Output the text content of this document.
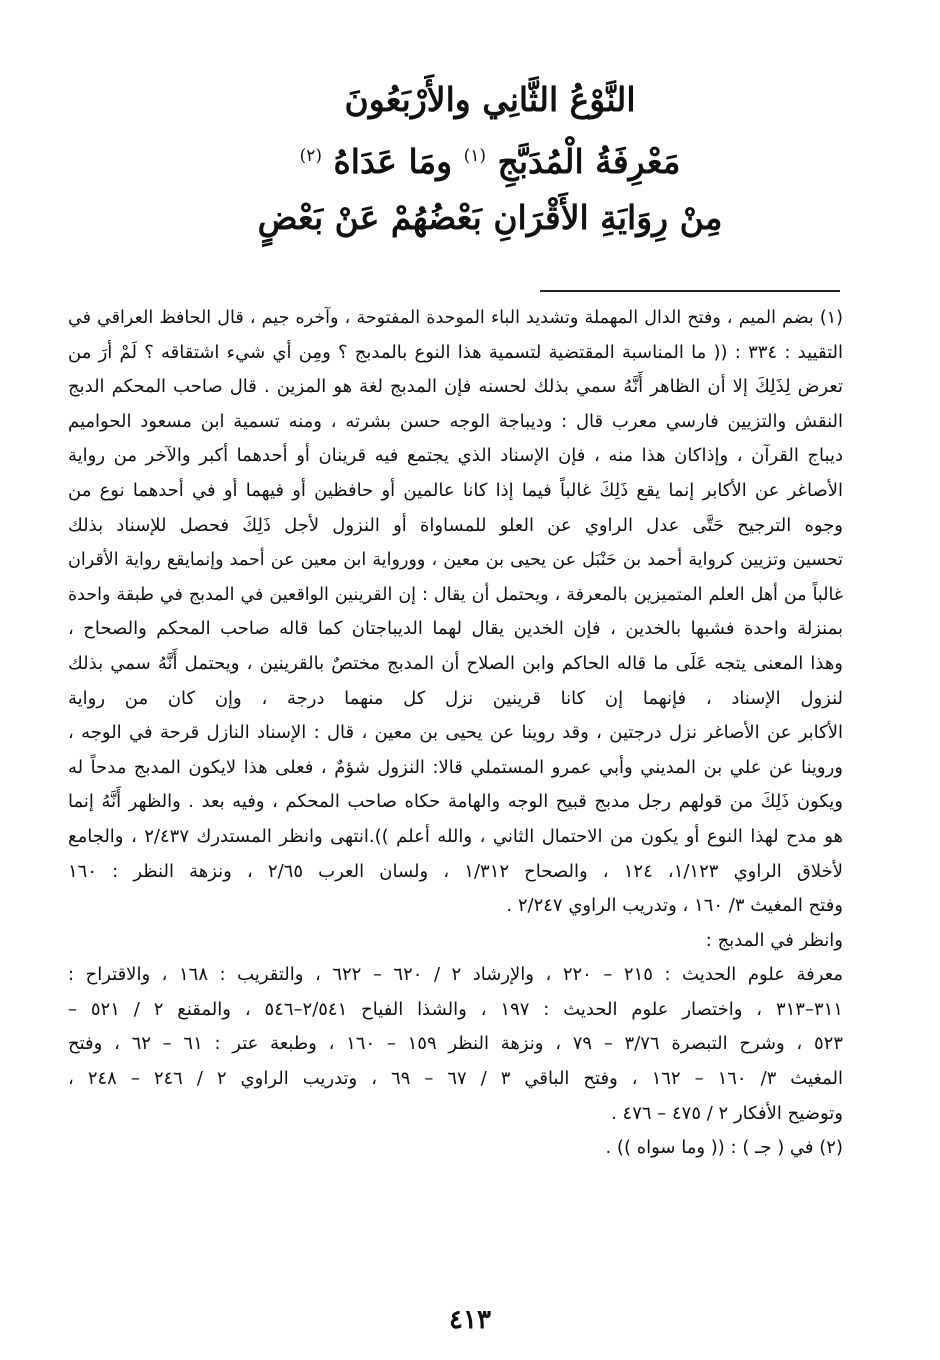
النَّوْعُ الثَّانِي والأَرْبَعُونَ
مَعْرِفَةُ الْمُدَبَّجِ $^{(١)}$ ومَا عَدَاهُ $^{(٢)}$
مِنْ رِوَايَةِ الأَقْرَانِ بَعْضُهُمْ عَنْ بَعْضٍ
(١) بضم الميم ، وفتح الدال المهملة وتشديد الباء الموحدة المفتوحة ، وآخره جيم ، قال الحافظ العراقي في
التقييد : ٣٣٤ : (( ما المناسبة المقتضية لتسمية هذا النوع بالمدبج ؟ ومِن أي شيء اشتقاقه ؟ لَمْ أرَ من
تعرض لِذَلِكَ إلا أن الظاهر أَنَّهُ سمي بذلك لحسنه فإن المدبج لغة هو المزين . قال صاحب المحكم الدبج
النقش والتزيين فارسي معرب قال : وديباجة الوجه حسن بشرته ، ومنه تسمية ابن مسعود الحواميم
ديباج القرآن ، وإذاكان هذا منه ، فإن الإسناد الذي يجتمع فيه قرينان أو أحدهما أكبر والآخر من رواية
الأصاغر عن الأكابر إنما يقع ذَلِكَ غالباً فيما إذا كانا عالمين أو حافظين أو فيهما أو في أحدهما نوع من
وجوه الترجيح حَتَّى عدل الراوي عن العلو للمساواة أو النزول لأجل ذَلِكَ فحصل للإسناد بذلك
تحسين وتزيين كرواية أحمد بن حَنْبَل عن يحيى بن معين ، وورواية ابن معين عن أحمد وإنمايقع رواية الأقران
غالباً من أهل العلم المتميزين بالمعرفة ، ويحتمل أن يقال : إن القرينين الواقعين في المدبج في طبقة واحدة
بمنزلة واحدة فشبها بالخدين ، فإن الخدين يقال لهما الديباجتان كما قاله صاحب المحكم والصحاح ،
وهذا المعنى يتجه عَلَى ما قاله الحاكم وابن الصلاح أن المدبج مختصٌ بالقرينين ، ويحتمل أَنَّهُ سمي بذلك
لنزول الإسناد ، فإنهما إن كانا قرينين نزل كل منهما درجة ، وإن كان من رواية
الأكابر عن الأصاغر نزل درجتين ، وقد روينا عن يحيى بن معين ، قال : الإسناد النازل قرحة في الوجه ،
وروينا عن علي بن المديني وأبي عمرو المستملي قالا: النزول شؤمٌ ، فعلى هذا لايكون المدبج مدحاً له
ويكون ذَلِكَ من قولهم رجل مدبج قبيح الوجه والهامة حكاه صاحب المحكم ، وفيه بعد . والظهر أَنَّهُ إنما
هو مدح لهذا النوع أو يكون من الاحتمال الثاني ، والله أعلم )).انتهى وانظر المستدرك ٢/٤٣٧ ، والجامع
لأخلاق الراوي ١/١٢٣، ١٢٤ ، والصحاح ١/٣١٢ ، ولسان العرب ٢/٦٥ ، ونزهة النظر : ١٦٠
وفتح المغيث ٣/ ١٦٠ ، وتدريب الراوي ٢/٢٤٧ .
وانظر في المدبج :
معرفة علوم الحديث : ٢١٥ – ٢٢٠ ، والإرشاد ٢ / ٦٢٠ – ٦٢٢ ، والتقريب : ١٦٨ ، والاقتراح :
٣١١–٣١٣ ، واختصار علوم الحديث : ١٩٧ ، والشذا الفياح ٢/٥٤١–٥٤٦ ، والمقنع ٢ / ٥٢١ –
٥٢٣ ، وشرح التبصرة ٣/٧٦ – ٧٩ ، ونزهة النظر ١٥٩ – ١٦٠ ، وطبعة عتر : ٦١ – ٦٢ ، وفتح
المغيث ٣/ ١٦٠ – ١٦٢ ، وفتح الباقي ٣ / ٦٧ – ٦٩ ، وتدريب الراوي ٢ / ٢٤٦ – ٢٤٨ ،
وتوضيح الأفكار ٢ / ٤٧٥ – ٤٧٦ .
(٢) في ( جـ ) : (( وما سواه )) .
٤١٣
